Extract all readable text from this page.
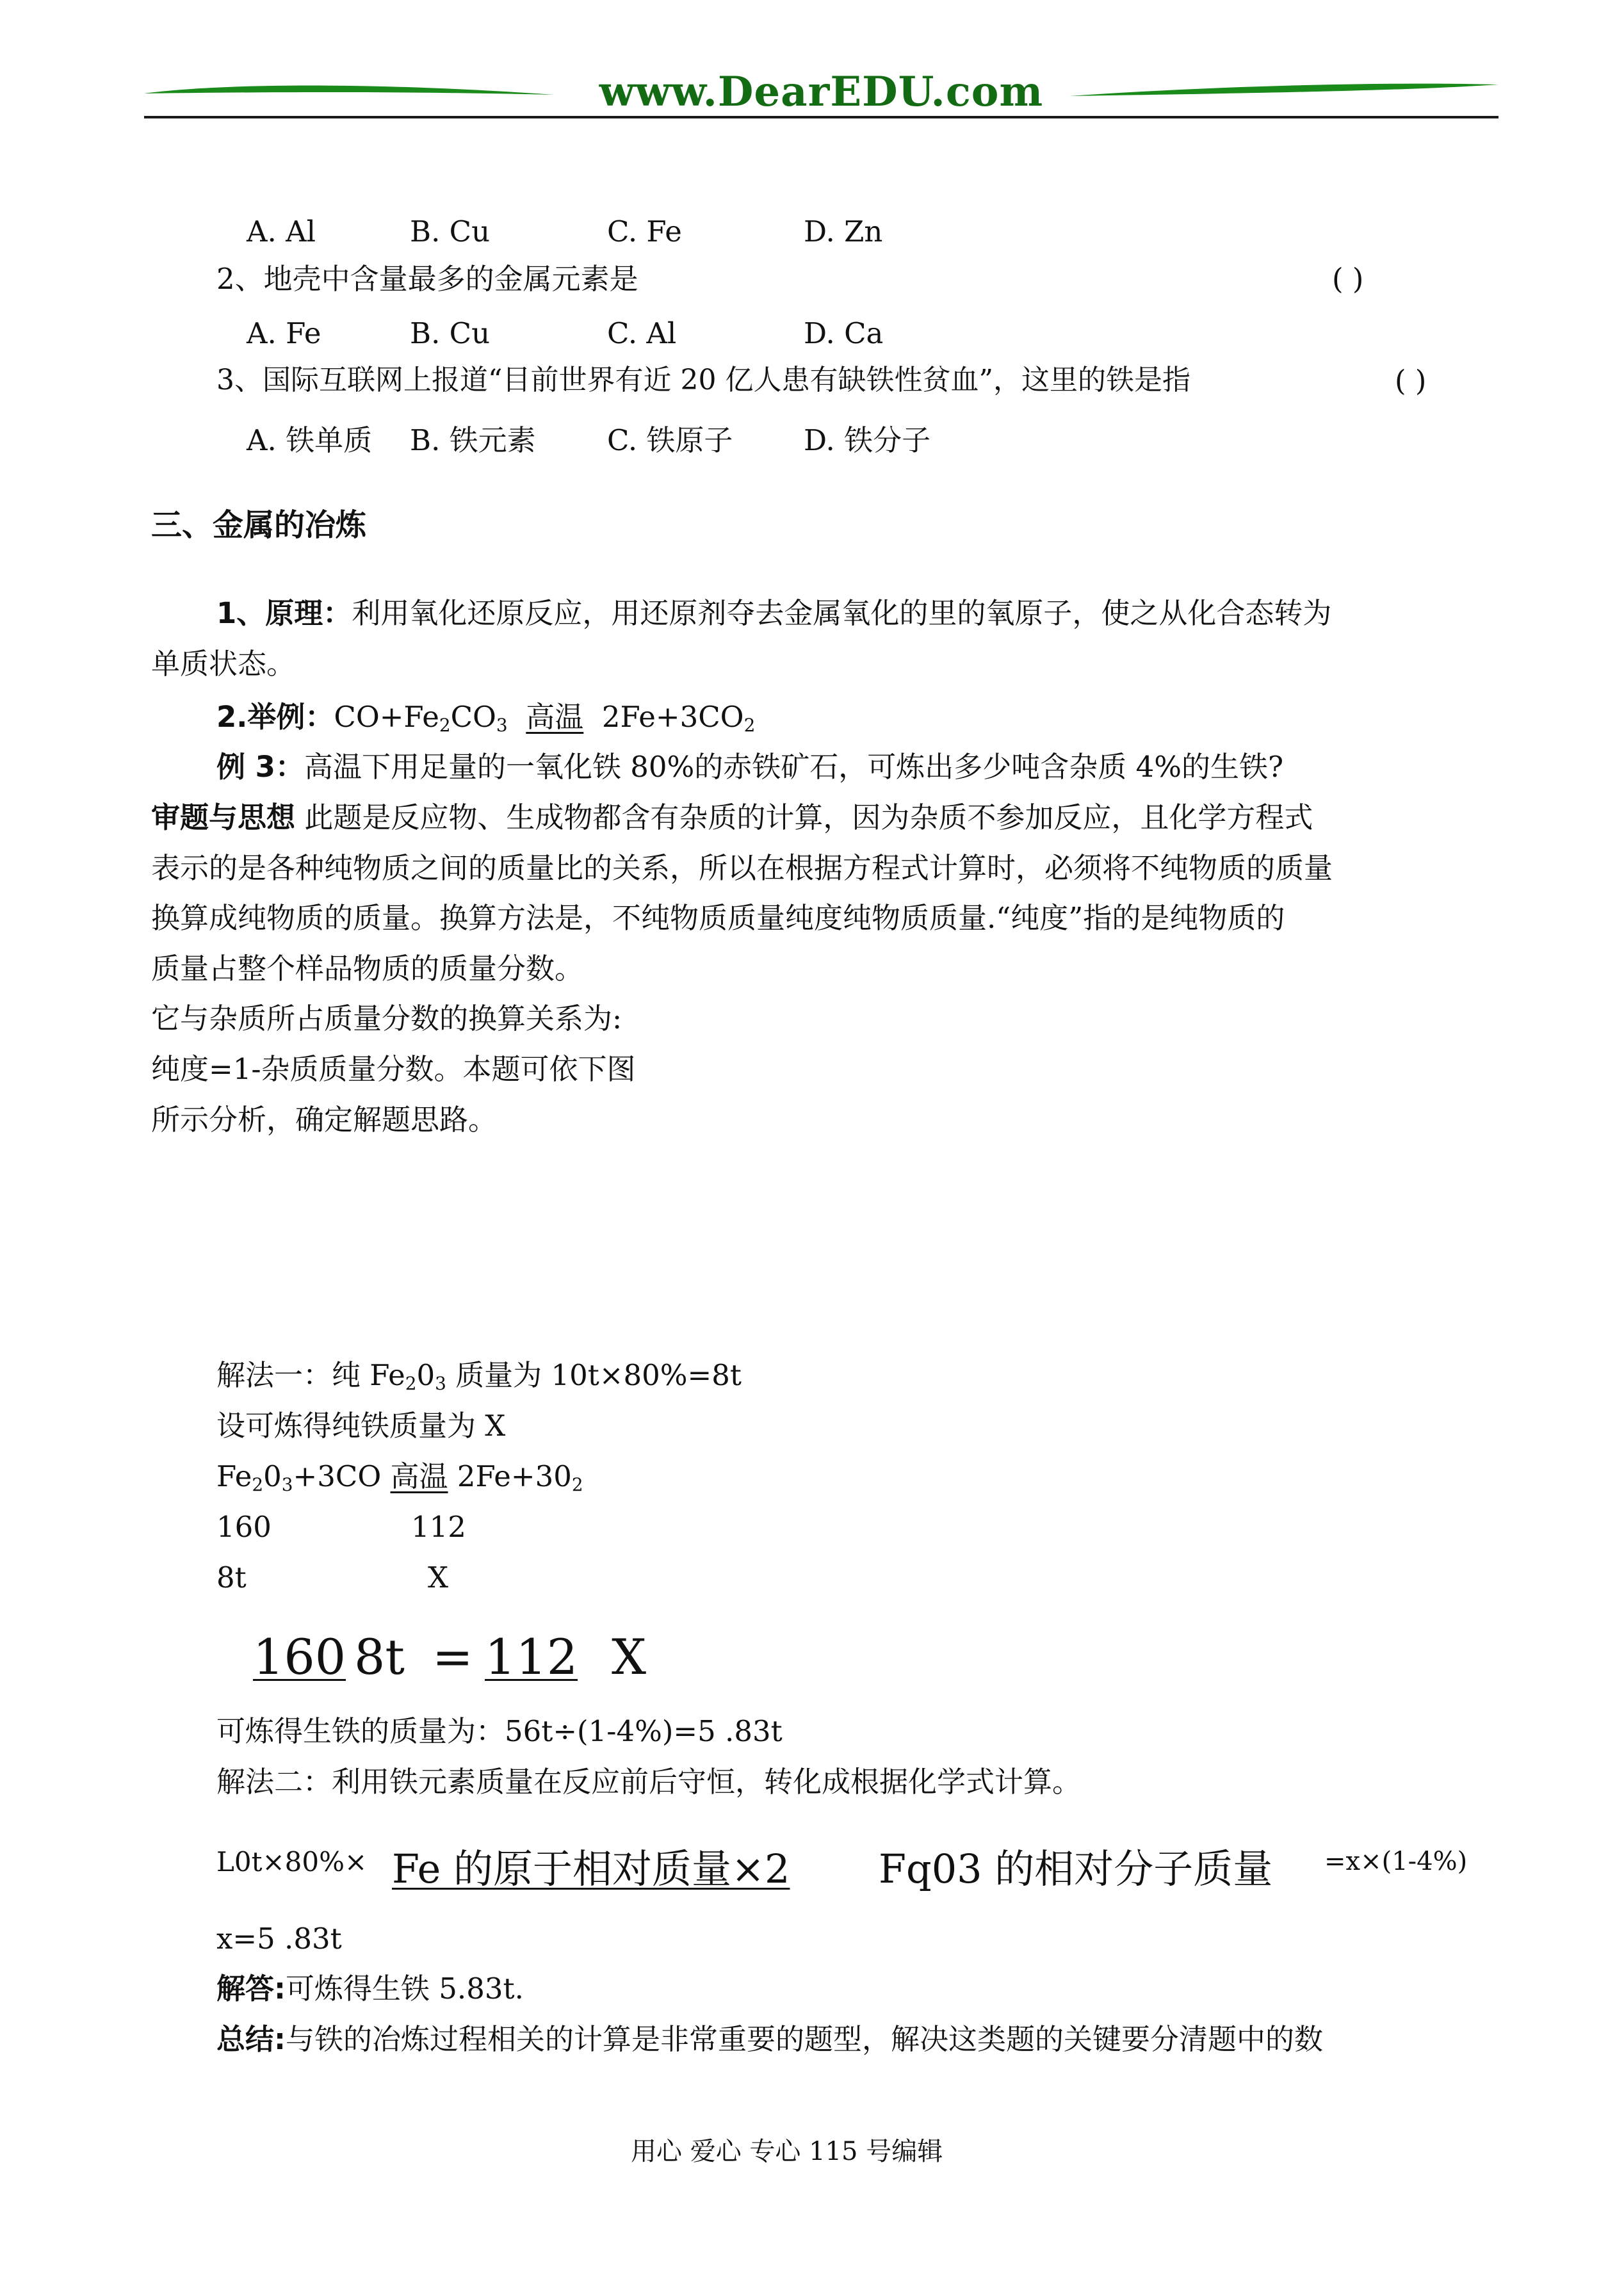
www.DearEDU.com
A. Al	B. Cu	C. Fe	D. Zn
2、地壳中含量最多的金属元素是	( )
A. Fe	B. Cu	C. Al	D. Ca
3、国际互联网上报道“目前世界有近 20 亿人患有缺铁性贫血”，这里的铁是指	( )
A. 铁单质 B. 铁元素 C. 铁原子 D. 铁分子
三、金属的冶炼
1、原理：利用氧化还原反应，用还原剂夺去金属氧化的里的氧原子，使之从化合态转为
单质状态。
2.举例：$CO+Fe_2CO_3$ 高温 $2Fe+3CO_2$
例 3：高温下用足量的一氧化铁 80%的赤铁矿石，可炼出多少吨含杂质 4%的生铁?
审题与思想 此题是反应物、生成物都含有杂质的计算，因为杂质不参加反应，且化学方程式
表示的是各种纯物质之间的质量比的关系，所以在根据方程式计算时，必须将不纯物质的质量
换算成纯物质的质量。换算方法是，不纯物质质量纯度纯物质质量.“纯度”指的是纯物质的
质量占整个样品物质的质量分数。
它与杂质所占质量分数的换算关系为:
纯度=1-杂质质量分数。本题可依下图
所示分析，确定解题思路。
解法一：纯 $Fe_20_3$ 质量为 10t×80%=8t
设可炼得纯铁质量为 X
$Fe_20_3+3CO$ 高温 $2Fe+30_2$
160	112
8t	X
160 8t = 112 X
可炼得生铁的质量为：56t÷(1-4%)=5 .83t
解法二：利用铁元素质量在反应前后守恒，转化成根据化学式计算。
L0t×80%× Fe 的原于相对质量×2 Fq03 的相对分子质量 =x×(1-4%)
x=5 .83t
解答:可炼得生铁 5.83t.
总结:与铁的冶炼过程相关的计算是非常重要的题型，解决这类题的关键要分清题中的数
用心 爱心 专心 115 号编辑
